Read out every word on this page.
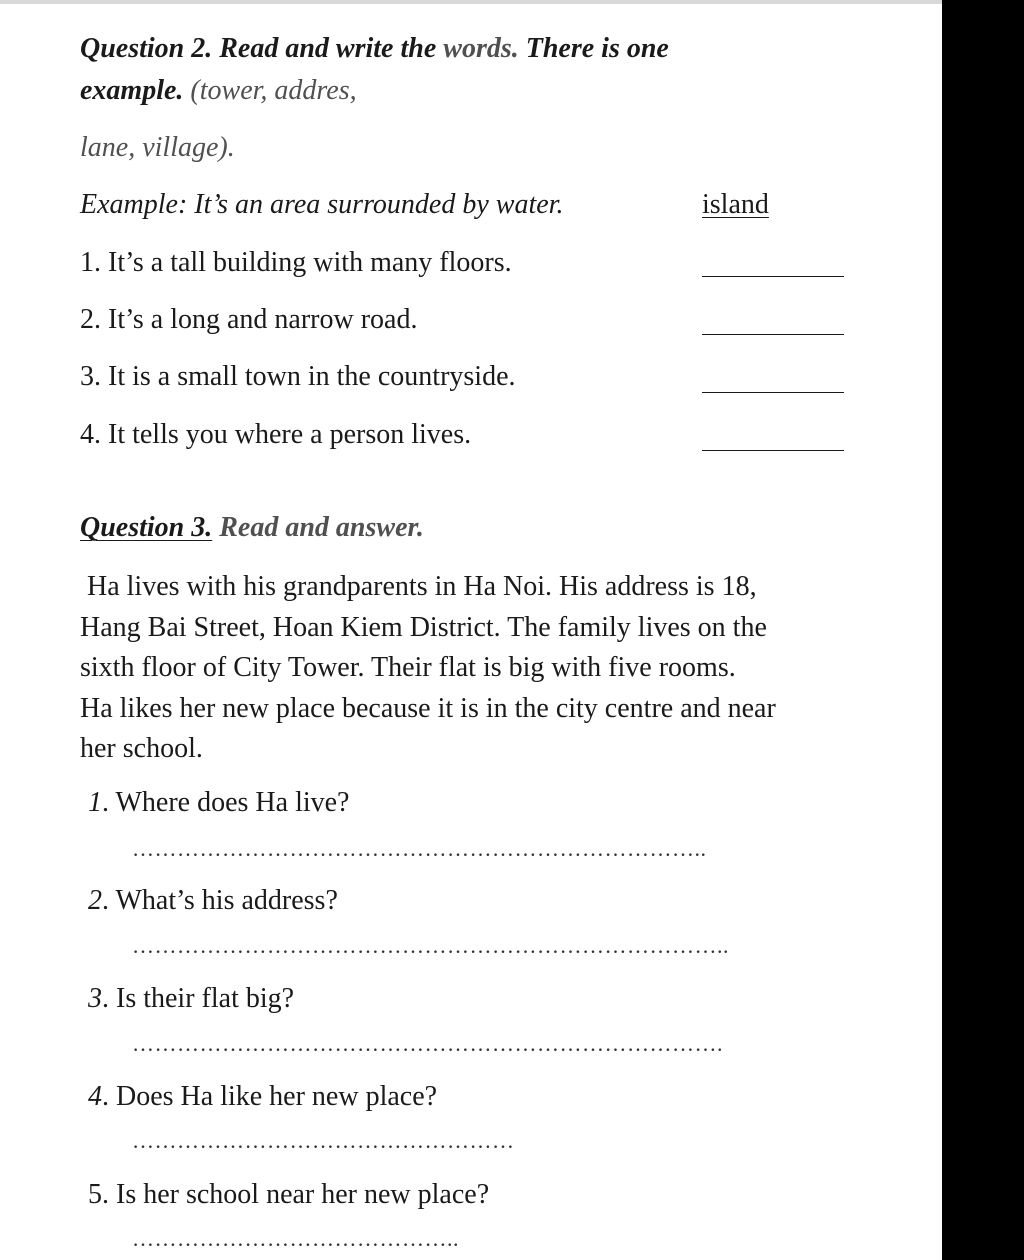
Question 2. Read and write the words. There is one
example. (tower, addres,
lane, village).
Example: It’s an area surrounded by water.	island
1. It’s a tall building with many floors.
2. It’s a long and narrow road.
3. It is a small town in the countryside.
4. It tells you where a person lives.
Question 3. Read and answer.
Ha lives with his grandparents in Ha Noi. His address is 18,
Hang Bai Street, Hoan Kiem District. The family lives on the
sixth floor of City Tower. Their flat is big with five rooms.
Ha likes her new place because it is in the city centre and near
her school.
1. Where does Ha live?
…………………………………………………………………..
2. What’s his address?
……………………………………………………………………..
3. Is their flat big?
…………………………………………………………………….
4. Does Ha like her new place?
……………………………………………
5. Is her school near her new place?
……………………………………..
